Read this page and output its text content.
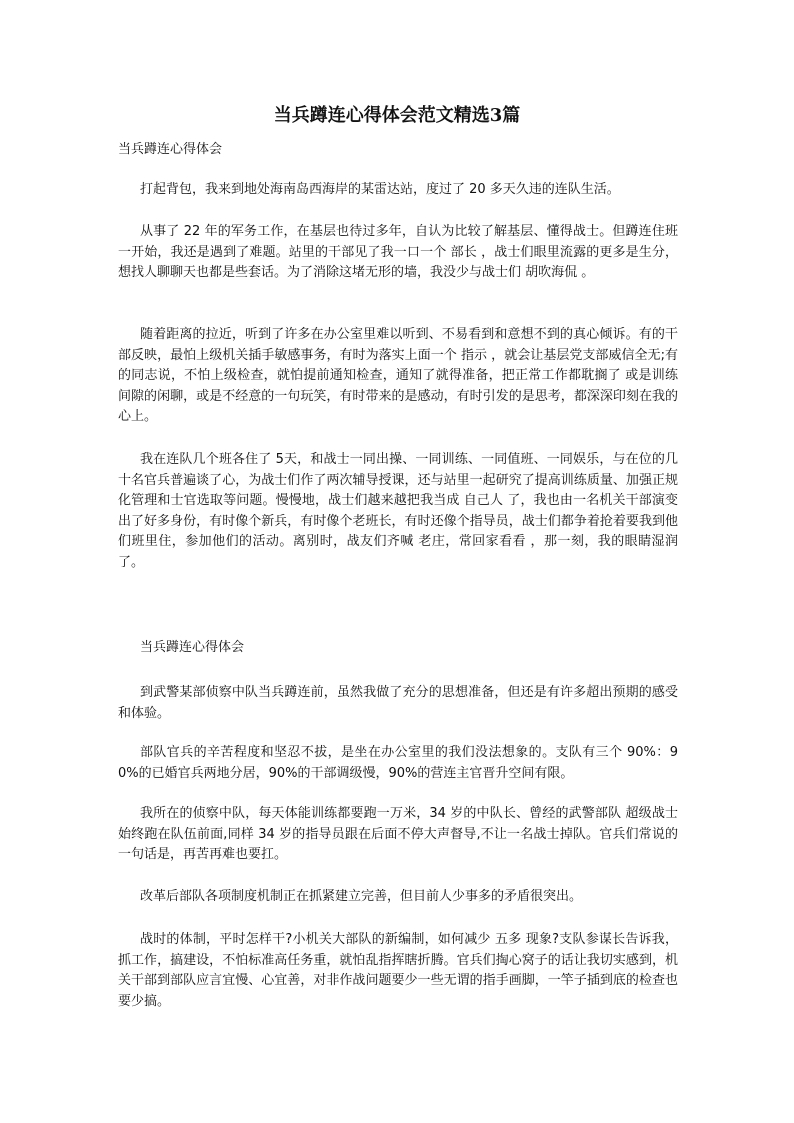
当兵蹲连心得体会范文精选3篇

当兵蹲连心得体会

打起背包，我来到地处海南岛西海岸的某雷达站，度过了 20 多天久违的连队生活。

从事了 22 年的军务工作，在基层也待过多年，自认为比较了解基层、懂得战士。但蹲连住班一开始，我还是遇到了难题。站里的干部见了我一口一个 部长 ，战士们眼里流露的更多是生分，想找人聊聊天也都是些套话。为了消除这堵无形的墙，我没少与战士们 胡吹海侃 。

随着距离的拉近，听到了许多在办公室里难以听到、不易看到和意想不到的真心倾诉。有的干部反映，最怕上级机关插手敏感事务，有时为落实上面一个 指示 ，就会让基层党支部威信全无;有的同志说，不怕上级检查，就怕提前通知检查，通知了就得准备，把正常工作都耽搁了 或是训练间隙的闲聊，或是不经意的一句玩笑，有时带来的是感动，有时引发的是思考，都深深印刻在我的心上。

我在连队几个班各住了 5天，和战士一同出操、一同训练、一同值班、一同娱乐，与在位的几十名官兵普遍谈了心，为战士们作了两次辅导授课，还与站里一起研究了提高训练质量、加强正规化管理和士官选取等问题。慢慢地，战士们越来越把我当成 自己人 了，我也由一名机关干部演变出了好多身份，有时像个新兵，有时像个老班长，有时还像个指导员，战士们都争着抢着要我到他们班里住，参加他们的活动。离别时，战友们齐喊 老庄，常回家看看 ，那一刻，我的眼睛湿润了。

当兵蹲连心得体会

到武警某部侦察中队当兵蹲连前，虽然我做了充分的思想准备，但还是有许多超出预期的感受和体验。

部队官兵的辛苦程度和坚忍不拔，是坐在办公室里的我们没法想象的。支队有三个 90%：90%的已婚官兵两地分居，90%的干部调级慢，90%的营连主官晋升空间有限。

我所在的侦察中队，每天体能训练都要跑一万米，34 岁的中队长、曾经的武警部队 超级战士 始终跑在队伍前面,同样 34 岁的指导员跟在后面不停大声督导,不让一名战士掉队。官兵们常说的一句话是，再苦再难也要扛。

改革后部队各项制度机制正在抓紧建立完善，但目前人少事多的矛盾很突出。

战时的体制，平时怎样干?小机关大部队的新编制，如何减少 五多 现象?支队参谋长告诉我，抓工作，搞建设，不怕标准高任务重，就怕乱指挥瞎折腾。官兵们掏心窝子的话让我切实感到，机关干部到部队应言宜慢、心宜善，对非作战问题要少一些无谓的指手画脚，一竿子插到底的检查也要少搞。
